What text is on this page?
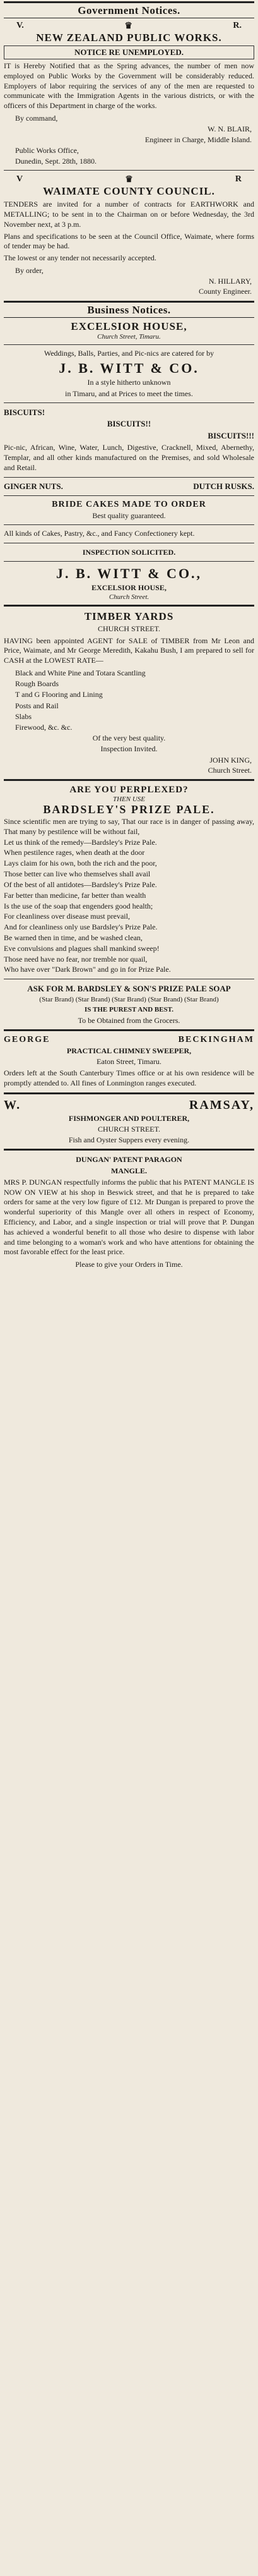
Government Notices.
V.	♛	R.
NEW ZEALAND PUBLIC WORKS.
NOTICE RE UNEMPLOYED.

IT is Hereby Notified that as the Spring advances, the number of men now employed on Public Works by the Government will be considerably reduced. Employers of labor requiring the services of any of the men are requested to communicate with the Immigration Agents in the various districts, or with the officers of this Department in charge of the works.

By command,
W. N. BLAIR,
Engineer in Charge, Middle Island.
Public Works Office,
Dunedin, Sept. 28th, 1880.
V	♛	R
WAIMATE COUNTY COUNCIL.

TENDERS are invited for a number of contracts for EARTHWORK and METALLING; to be sent in to the Chairman on or before Wednesday, the 3rd November next, at 3 p.m.

Plans and specifications to be seen at the Council Office, Waimate, where forms of tender may be had.

The lowest or any tender not necessarily accepted.

By order,
N. HILLARY,
County Engineer.
Business Notices.
EXCELSIOR HOUSE,
Church Street, Timaru.

Weddings, Balls, Parties, and Pic-nics are catered for by

J. B. WITT & CO.
In a style hitherto unknown
in Timaru, and at Prices to meet the times.
BISCUITS!
BISCUITS!!
BISCUITS!!!

Pic-nic, African, Wine, Water, Lunch, Digestive, Cracknell, Mixed, Abernethy, Templar, and all other kinds manufactured on the Premises, and sold Wholesale and Retail.

GINGER NUTS.	DUTCH RUSKS.
BRIDE CAKES MADE TO ORDER
Best quality guaranteed.

All kinds of Cakes, Pastry, &c., and Fancy Confectionery kept.

INSPECTION SOLICITED.
J. B. WITT & CO.,
EXCELSIOR HOUSE,
Church Street.
TIMBER YARDS
CHURCH STREET.

HAVING been appointed AGENT for SALE of TIMBER from Mr Leon and Price, Waimate, and Mr George Meredith, Kakahu Bush, I am prepared to sell for CASH at the LOWEST RATE—

Black and White Pine and Totara Scantling
Rough Boards
T and G Flooring and Lining
Posts and Rail
Slabs
Firewood, &c. &c.
Of the very best quality.
Inspection Invited.
JOHN KING,
Church Street.
ARE YOU PERPLEXED?
THEN USE
BARDSLEY'S PRIZE PALE.

Since scientific men are trying to say, That our race is in danger of passing away, That many by pestilence will be without fail,

Let us think of the remedy—Bardsley's Prize Pale.

When pestilence rages, when death at the door

Lays claim for his own, both the rich and the poor,

Those better can live who themselves shall avail

Of the best of all antidotes—Bardsley's Prize Pale.

Far better than medicine, far better than wealth

Is the use of the soap that engenders good health;

For cleanliness over disease must prevail,

And for cleanliness only use Bardsley's Prize Pale.

Be warned then in time, and be washed clean,

Eve convulsions and plagues shall mankind sweep!

Those need have no fear, nor tremble nor quail,

Who have over "Dark Brown" and go in for Prize Pale.

ASK FOR M. BARDSLEY & SON'S PRIZE PALE SOAP
(Star Brand) (Star Brand) (Star Brand) (Star Brand) (Star Brand)
IS THE PUREST AND BEST.
To be Obtained from the Grocers.
GEORGE	BECKINGHAM
PRACTICAL CHIMNEY SWEEPER,
Eaton Street, Timaru.

Orders left at the South Canterbury Times office or at his own residence will be promptly attended to. All fines of Lonmington ranges executed.

W.	RAMSAY,
FISHMONGER AND POULTERER,
CHURCH STREET.
Fish and Oyster Suppers every evening.
DUNGAN' PATENT PARAGON
MANGLE.

MRS P. DUNGAN respectfully informs the public that his PATENT MANGLE IS NOW ON VIEW at his shop in Beswick street, and that he is prepared to take orders for same at the very low figure of £12. Mr Dungan is prepared to prove the wonderful superiority of this Mangle over all others in respect of Economy, Efficiency, and Labor, and a single inspection or trial will prove that P. Dungan has achieved a wonderful benefit to all those who desire to dispense with labor and time belonging to a woman's work and who have attentions for obtaining the most favorable effect for the least price.

Please to give your Orders in Time.
